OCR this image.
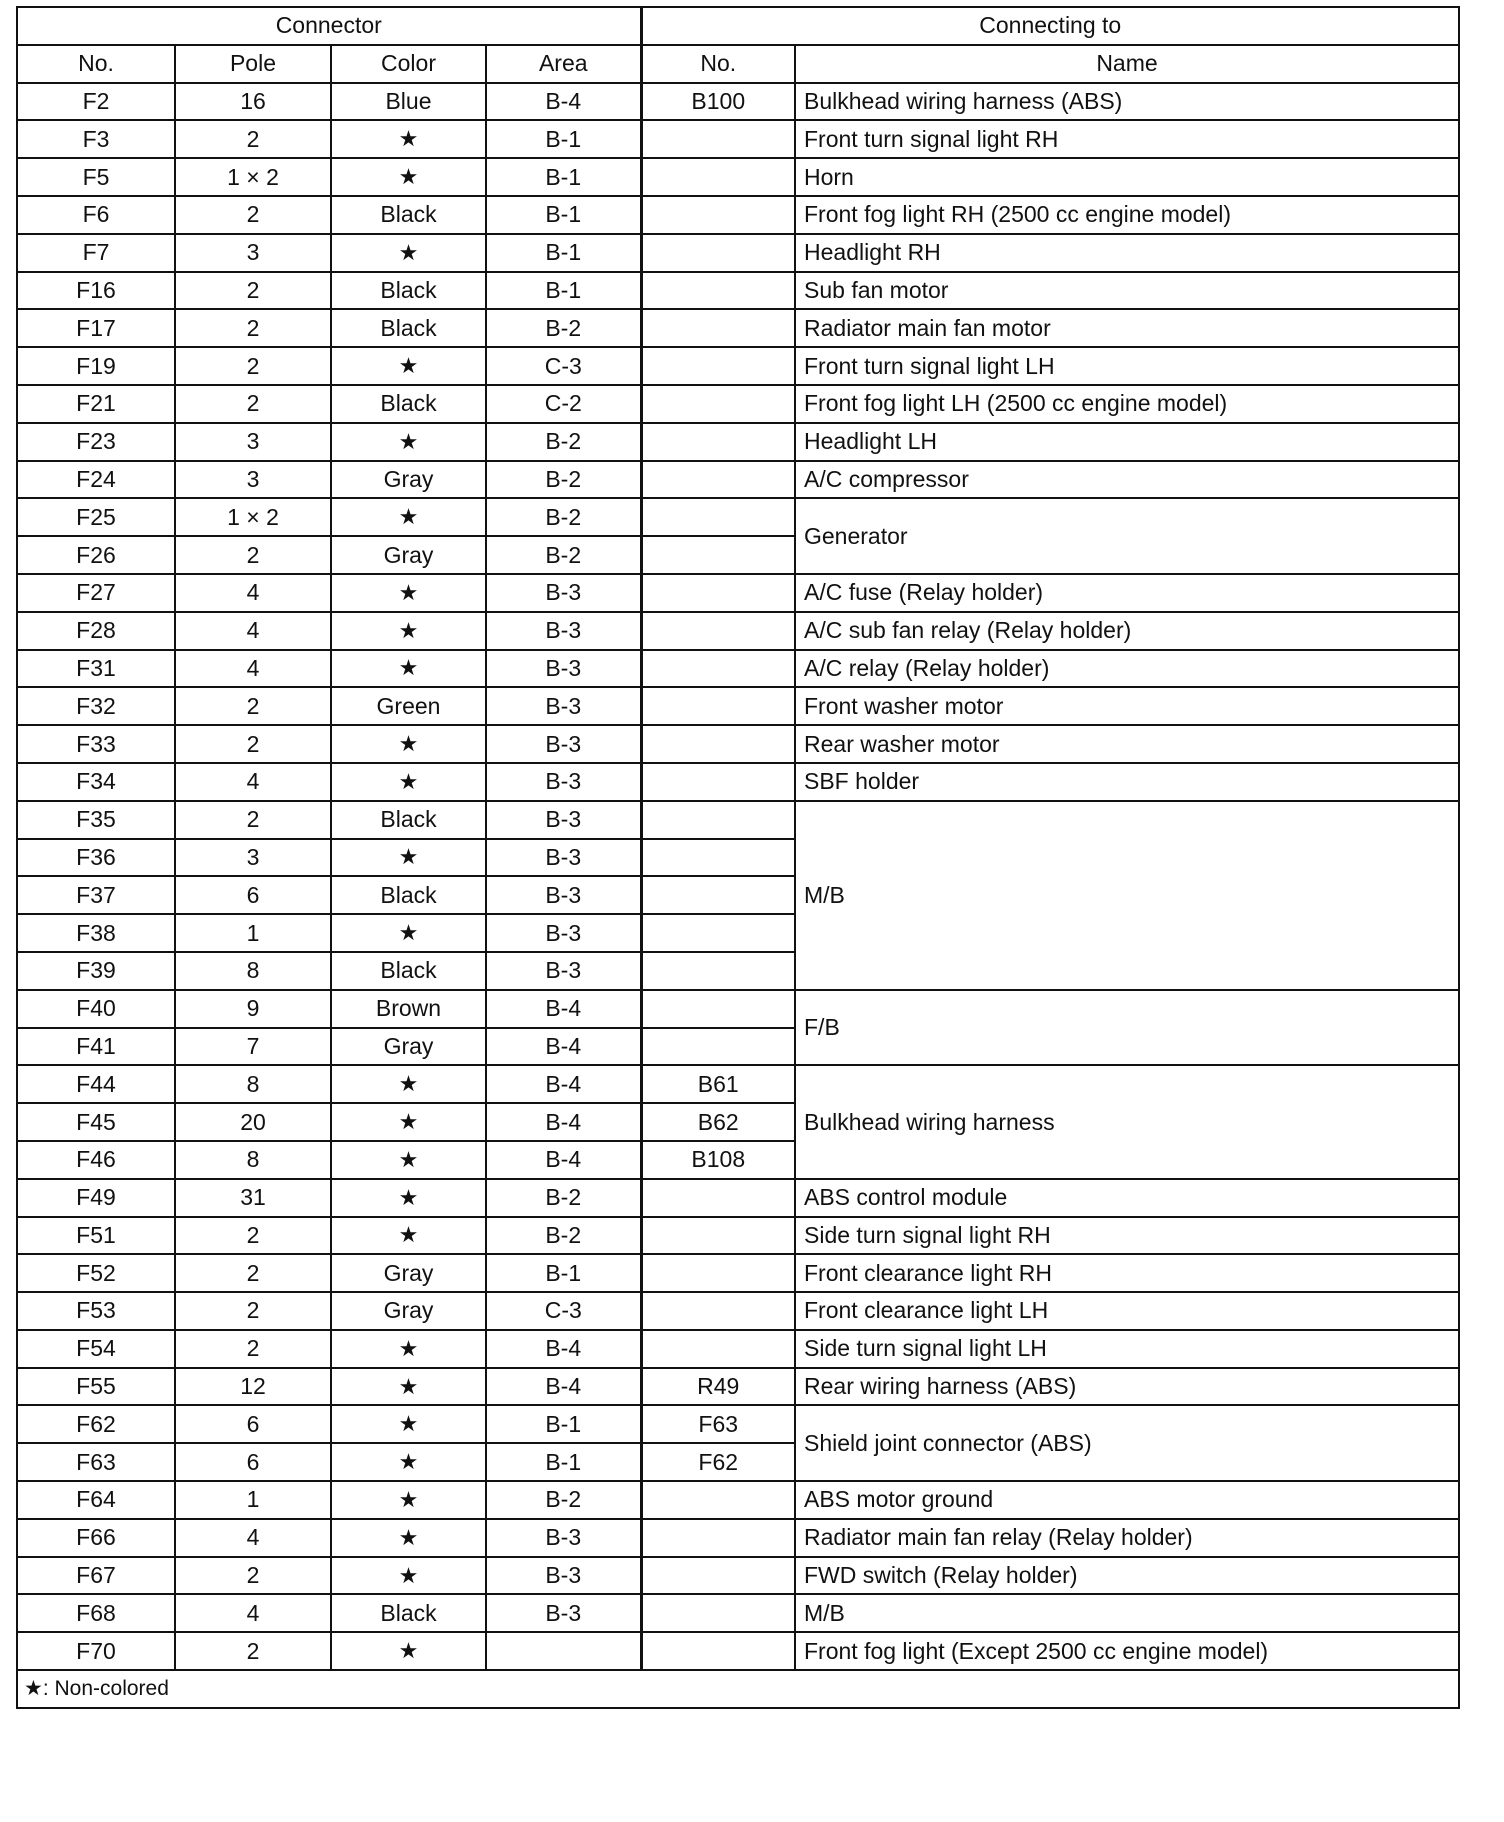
Connector				Connecting to	
No.	Pole	Color	Area	No.	Name
F2	16	Blue	B-4	B100	Bulkhead wiring harness (ABS)
F3	2	★	B-1		Front turn signal light RH
F5	1 × 2	★	B-1		Horn
F6	2	Black	B-1		Front fog light RH (2500 cc engine model)
F7	3	★	B-1		Headlight RH
F16	2	Black	B-1		Sub fan motor
F17	2	Black	B-2		Radiator main fan motor
F19	2	★	C-3		Front turn signal light LH
F21	2	Black	C-2		Front fog light LH (2500 cc engine model)
F23	3	★	B-2		Headlight LH
F24	3	Gray	B-2		A/C compressor
F25	1 × 2	★	B-2		Generator
F26	2	Gray	B-2		
F27	4	★	B-3		A/C fuse (Relay holder)
F28	4	★	B-3		A/C sub fan relay (Relay holder)
F31	4	★	B-3		A/C relay (Relay holder)
F32	2	Green	B-3		Front washer motor
F33	2	★	B-3		Rear washer motor
F34	4	★	B-3		SBF holder
F35	2	Black	B-3		M/B
F36	3	★	B-3		
F37	6	Black	B-3		
F38	1	★	B-3		
F39	8	Black	B-3		
F40	9	Brown	B-4		F/B
F41	7	Gray	B-4		
F44	8	★	B-4	B61	Bulkhead wiring harness
F45	20	★	B-4	B62	
F46	8	★	B-4	B108	
F49	31	★	B-2		ABS control module
F51	2	★	B-2		Side turn signal light RH
F52	2	Gray	B-1		Front clearance light RH
F53	2	Gray	C-3		Front clearance light LH
F54	2	★	B-4		Side turn signal light LH
F55	12	★	B-4	R49	Rear wiring harness (ABS)
F62	6	★	B-1	F63	Shield joint connector (ABS)
F63	6	★	B-1	F62	
F64	1	★	B-2		ABS motor ground
F66	4	★	B-3		Radiator main fan relay (Relay holder)
F67	2	★	B-3		FWD switch (Relay holder)
F68	4	Black	B-3		M/B
F70	2	★			Front fog light (Except 2500 cc engine model)
★: Non-colored					
